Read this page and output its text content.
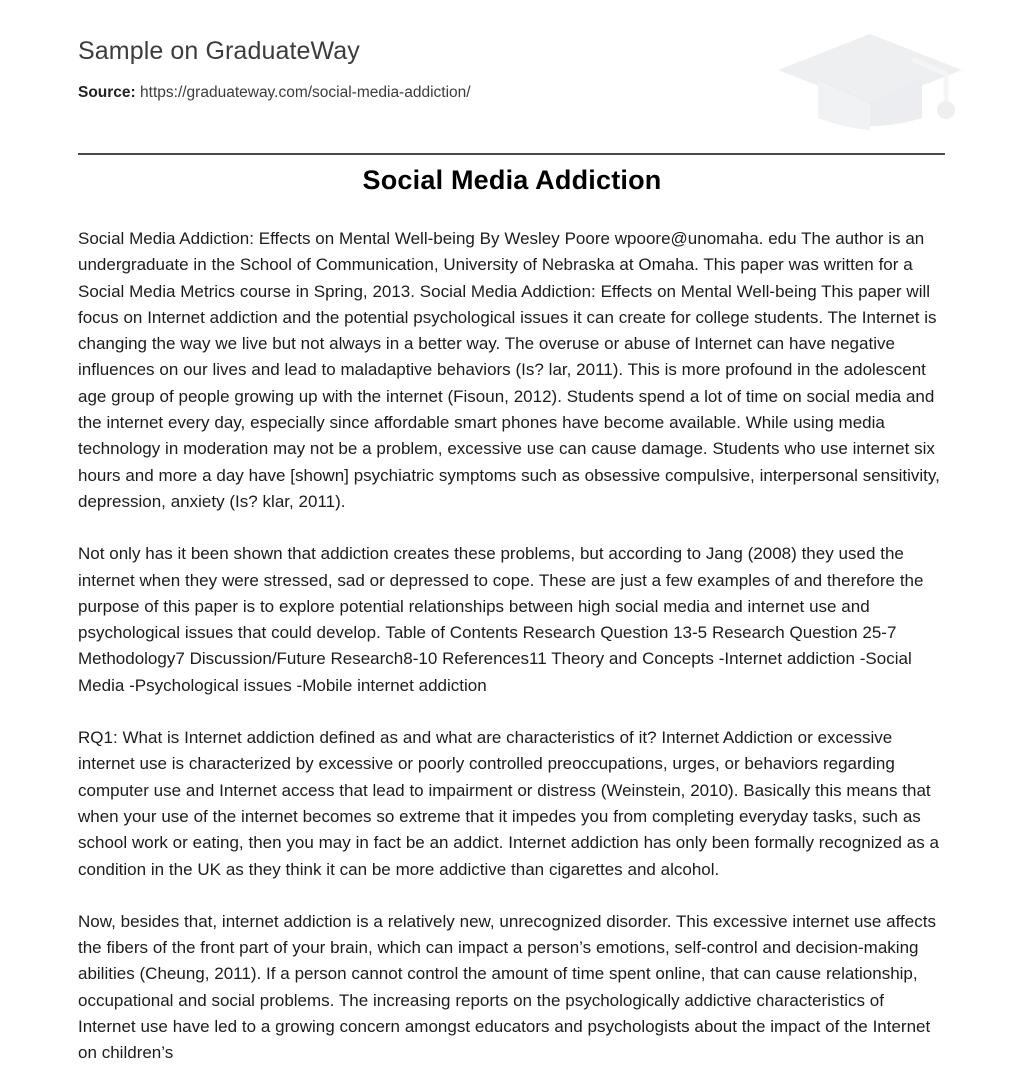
Sample on GraduateWay
Source: https://graduateway.com/social-media-addiction/
Social Media Addiction

Social Media Addiction: Effects on Mental Well-being By Wesley Poore wpoore@unomaha. edu The author is an undergraduate in the School of Communication, University of Nebraska at Omaha. This paper was written for a Social Media Metrics course in Spring, 2013. Social Media Addiction: Effects on Mental Well-being This paper will focus on Internet addiction and the potential psychological issues it can create for college students. The Internet is changing the way we live but not always in a better way. The overuse or abuse of Internet can have negative influences on our lives and lead to maladaptive behaviors (Is? lar, 2011). This is more profound in the adolescent age group of people growing up with the internet (Fisoun, 2012). Students spend a lot of time on social media and the internet every day, especially since affordable smart phones have become available. While using media technology in moderation may not be a problem, excessive use can cause damage. Students who use internet six hours and more a day have [shown] psychiatric symptoms such as obsessive compulsive, interpersonal sensitivity, depression, anxiety (Is? klar, 2011).

Not only has it been shown that addiction creates these problems, but according to Jang (2008) they used the internet when they were stressed, sad or depressed to cope. These are just a few examples of and therefore the purpose of this paper is to explore potential relationships between high social media and internet use and psychological issues that could develop. Table of Contents Research Question 13-5 Research Question 25-7 Methodology7 Discussion/Future Research8-10 References11 Theory and Concepts -Internet addiction -Social Media -Psychological issues -Mobile internet addiction

RQ1: What is Internet addiction defined as and what are characteristics of it? Internet Addiction or excessive internet use is characterized by excessive or poorly controlled preoccupations, urges, or behaviors regarding computer use and Internet access that lead to impairment or distress (Weinstein, 2010). Basically this means that when your use of the internet becomes so extreme that it impedes you from completing everyday tasks, such as school work or eating, then you may in fact be an addict. Internet addiction has only been formally recognized as a condition in the UK as they think it can be more addictive than cigarettes and alcohol.

Now, besides that, internet addiction is a relatively new, unrecognized disorder. This excessive internet use affects the fibers of the front part of your brain, which can impact a person’s emotions, self-control and decision-making abilities (Cheung, 2011). If a person cannot control the amount of time spent online, that can cause relationship, occupational and social problems. The increasing reports on the psychologically addictive characteristics of Internet use have led to a growing concern amongst educators and psychologists about the impact of the Internet on children’s
